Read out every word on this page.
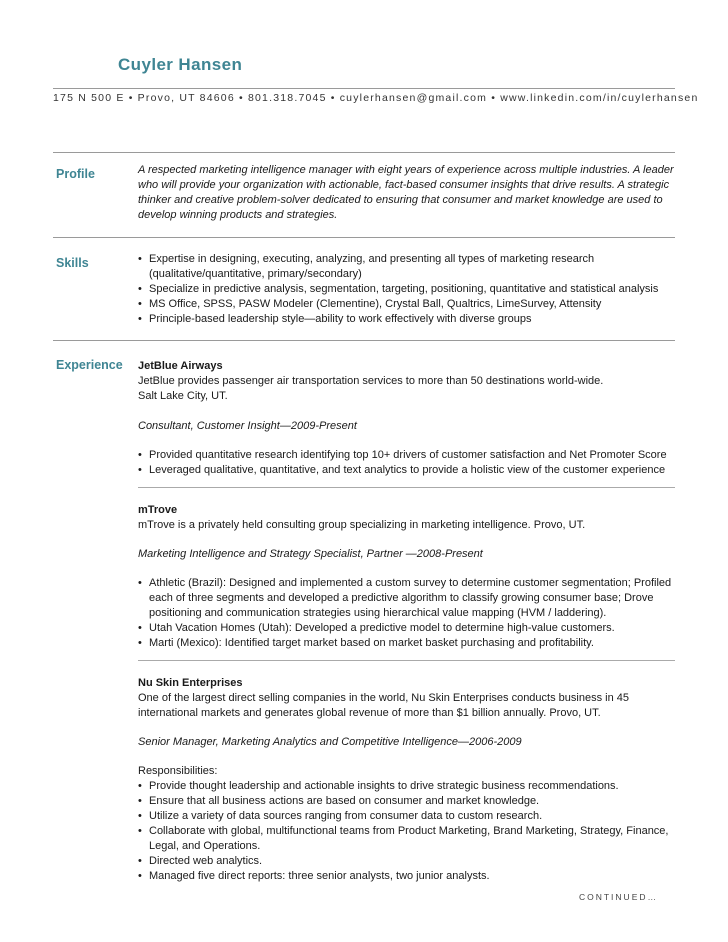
Cuyler Hansen
175 N 500 E • Provo, UT 84606 • 801.318.7045 • cuylerhansen@gmail.com • www.linkedin.com/in/cuylerhansen
Profile	A respected marketing intelligence manager with eight years of experience across multiple industries. A leader who will provide your organization with actionable, fact-based consumer insights that drive results. A strategic thinker and creative problem-solver dedicated to ensuring that consumer and market knowledge are used to develop winning products and strategies.
Skills
•	Expertise in designing, executing, analyzing, and presenting all types of marketing research (qualitative/quantitative, primary/secondary)
• Specialize in predictive analysis, segmentation, targeting, positioning, quantitative and statistical analysis
• MS Office, SPSS, PASW Modeler (Clementine), Crystal Ball, Qualtrics, LimeSurvey, Attensity
• Principle-based leadership style—ability to work effectively with diverse groups
Experience JetBlue Airways
JetBlue provides passenger air transportation services to more than 50 destinations world-wide.
Salt Lake City, UT.
Consultant, Customer Insight—2009-Present
• Provided quantitative research identifying top 10+ drivers of customer satisfaction and Net Promoter Score
• Leveraged qualitative, quantitative, and text analytics to provide a holistic view of the customer experience
mTrove
mTrove is a privately held consulting group specializing in marketing intelligence. Provo, UT.
Marketing Intelligence and Strategy Specialist, Partner —2008-Present
• Athletic (Brazil): Designed and implemented a custom survey to determine customer segmentation; Profiled each of three segments and developed a predictive algorithm to classify growing consumer base; Drove positioning and communication strategies using hierarchical value mapping (HVM / laddering).
• Utah Vacation Homes (Utah): Developed a predictive model to determine high-value customers.
• Marti (Mexico): Identified target market based on market basket purchasing and profitability.
Nu Skin Enterprises
One of the largest direct selling companies in the world, Nu Skin Enterprises conducts business in 45 international markets and generates global revenue of more than $1 billion annually. Provo, UT.
Senior Manager, Marketing Analytics and Competitive Intelligence—2006-2009
Responsibilities:
• Provide thought leadership and actionable insights to drive strategic business recommendations.
• Ensure that all business actions are based on consumer and market knowledge.
• Utilize a variety of data sources ranging from consumer data to custom research.
• Collaborate with global, multifunctional teams from Product Marketing, Brand Marketing, Strategy, Finance, Legal, and Operations.
• Directed web analytics.
• Managed five direct reports: three senior analysts, two junior analysts.
CONTINUED…
